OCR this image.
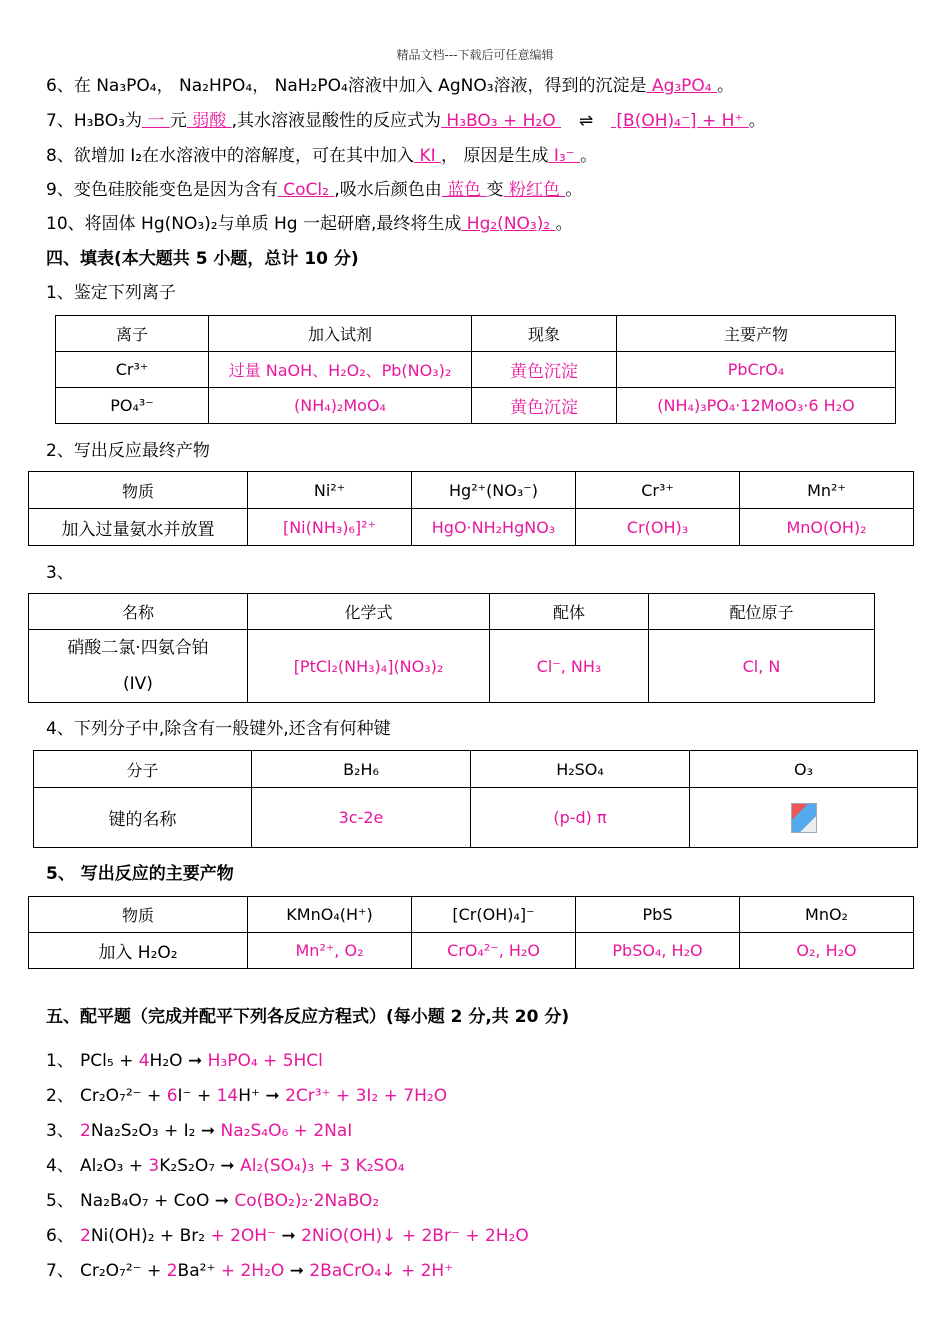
精品文档---下载后可任意编辑
6、在 Na₃PO₄， Na₂HPO₄， NaH₂PO₄溶液中加入 AgNO₃溶液，得到的沉淀是 Ag₃PO₄ 。
7、H₃BO₃为 一 元 弱酸 ,其水溶液显酸性的反应式为 H₃BO₃ + H₂O ⇌ [B(OH)₄⁻] + H⁺ 。
8、欲增加 I₂在水溶液中的溶解度，可在其中加入 KI ， 原因是生成 I₃⁻ 。
9、变色硅胶能变色是因为含有 CoCl₂ ,吸水后颜色由 蓝色 变 粉红色 。
10、将固体 Hg(NO₃)₂与单质 Hg 一起研磨,最终将生成 Hg₂(NO₃)₂ 。
四、填表(本大题共 5 小题，总计 10 分)
1、鉴定下列离子
离子	加入试剂	现象	主要产物
Cr³⁺	过量 NaOH、H₂O₂、Pb(NO₃)₂	黄色沉淀	PbCrO₄
PO₄³⁻	(NH₄)₂MoO₄	黄色沉淀	(NH₄)₃PO₄·12MoO₃·6 H₂O
2、写出反应最终产物
物质	Ni²⁺	Hg²⁺(NO₃⁻)	Cr³⁺	Mn²⁺
加入过量氨水并放置	[Ni(NH₃)₆]²⁺	HgO·NH₂HgNO₃	Cr(OH)₃	MnO(OH)₂
3、
名称	化学式	配体	配位原子

硝酸二氯·四氨合铂
(IV)	[PtCl₂(NH₃)₄](NO₃)₂	Cl⁻, NH₃	Cl, N
4、下列分子中,除含有一般键外,还含有何种键
分子	B₂H₆	H₂SO₄	O₃
键的名称	3c-2e	(p-d) π	
5、 写出反应的主要产物
物质	KMnO₄(H⁺)	[Cr(OH)₄]⁻	PbS	MnO₂
加入 H₂O₂	Mn²⁺, O₂	CrO₄²⁻, H₂O	PbSO₄, H₂O	O₂, H₂O
五、配平题（完成并配平下列各反应方程式）(每小题 2 分,共 20 分)
1、 PCl₅ + 4H₂O ➞ H₃PO₄ + 5HCl
2、 Cr₂O₇²⁻ + 6I⁻ + 14H⁺ ➞ 2Cr³⁺ + 3I₂ + 7H₂O
3、 2Na₂S₂O₃ + I₂ ➞ Na₂S₄O₆ + 2NaI
4、 Al₂O₃ + 3K₂S₂O₇ ➞ Al₂(SO₄)₃ + 3 K₂SO₄
5、 Na₂B₄O₇ + CoO ➞ Co(BO₂)₂·2NaBO₂
6、 2Ni(OH)₂ + Br₂ + 2OH⁻ ➞ 2NiO(OH)↓ + 2Br⁻ + 2H₂O
7、 Cr₂O₇²⁻ + 2Ba²⁺ + 2H₂O ➞ 2BaCrO₄↓ + 2H⁺
